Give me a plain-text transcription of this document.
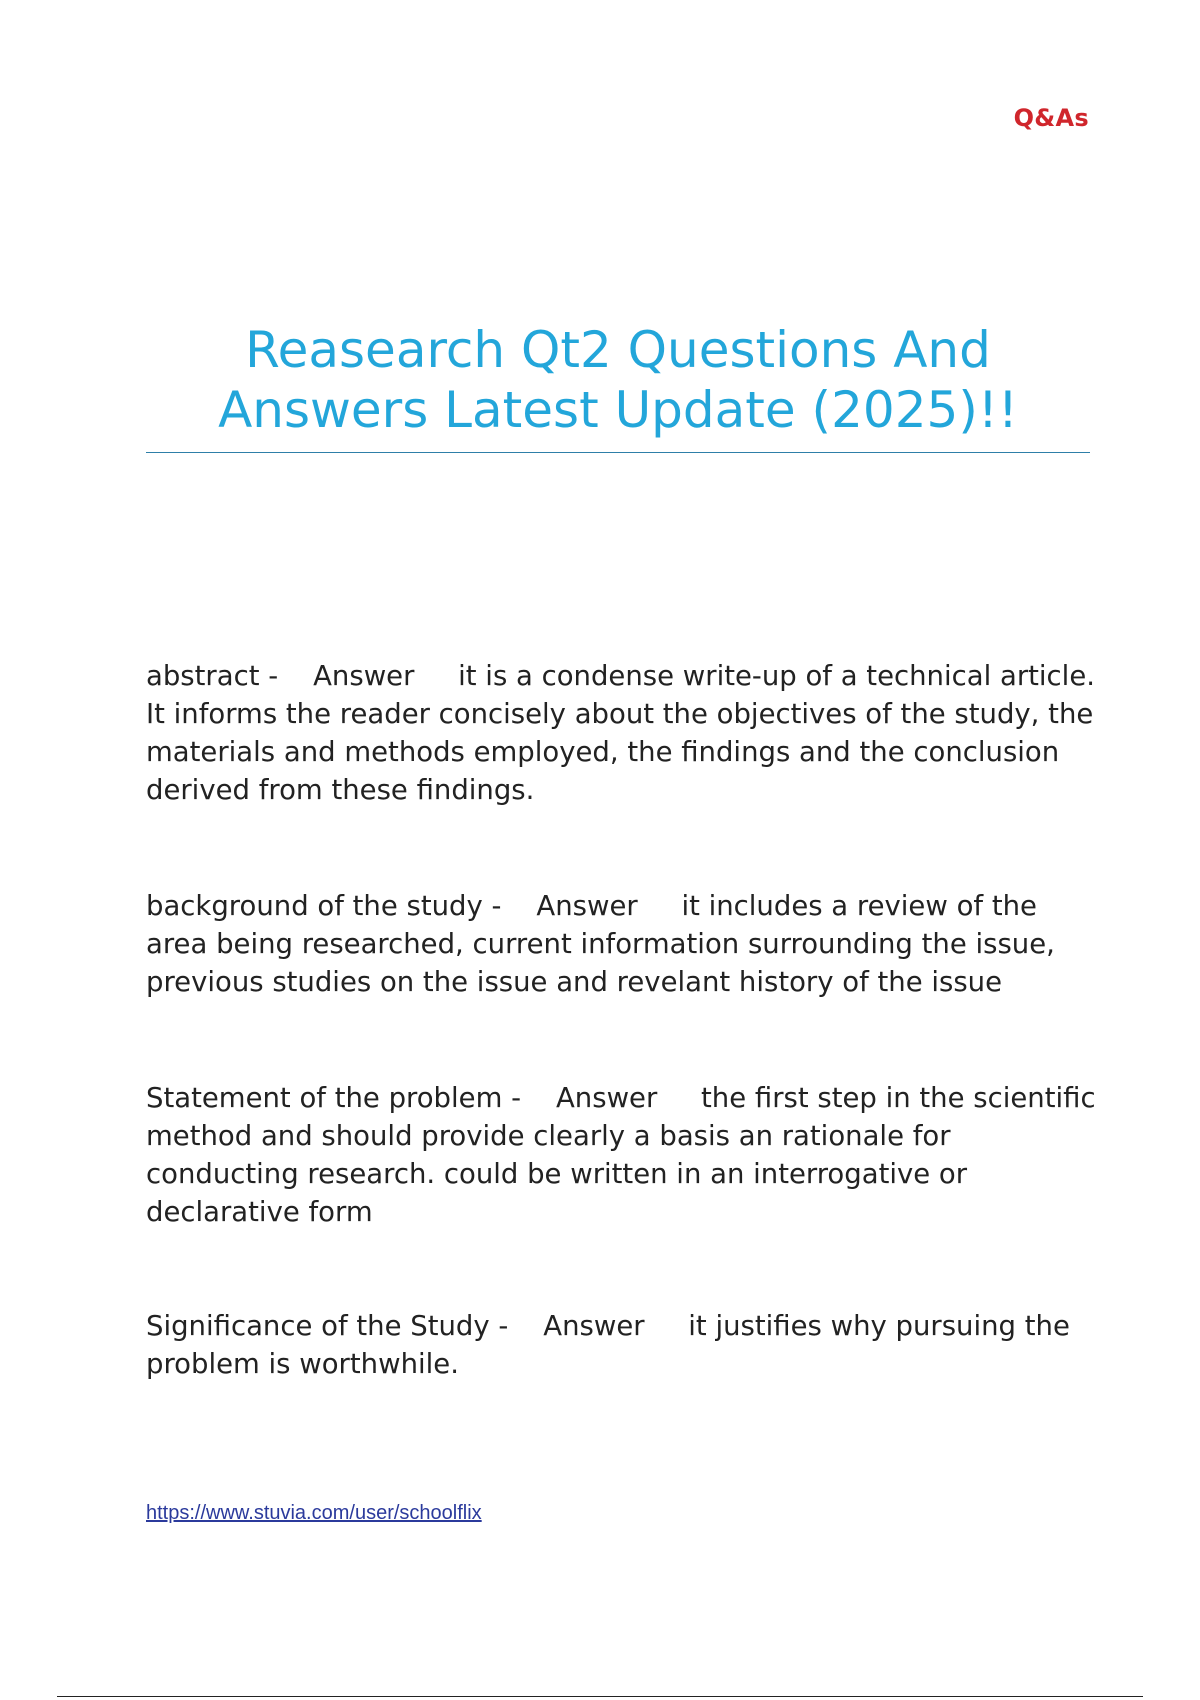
Q&As
Reasearch Qt2 Questions And Answers Latest Update (2025)!!
abstract - Answer it is a condense write-up of a technical article. It informs the reader concisely about the objectives of the study, the materials and methods employed, the findings and the conclusion derived from these findings.
background of the study - Answer it includes a review of the area being researched, current information surrounding the issue, previous studies on the issue and revelant history of the issue
Statement of the problem - Answer the first step in the scientific method and should provide clearly a basis an rationale for conducting research. could be written in an interrogative or declarative form
Significance of the Study - Answer it justifies why pursuing the problem is worthwhile.
https://www.stuvia.com/user/schoolflix
